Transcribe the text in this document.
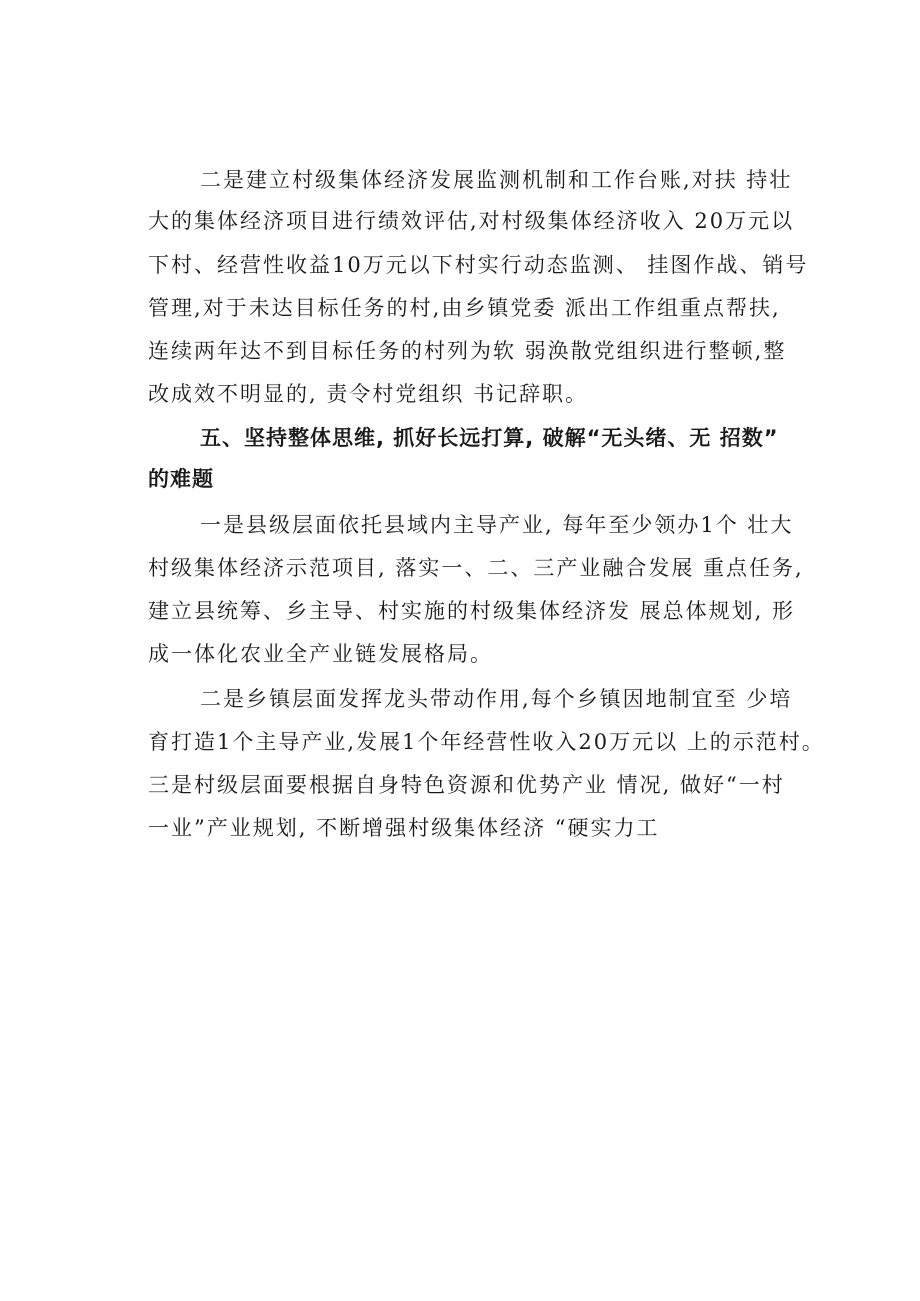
二是建立村级集体经济发展监测机制和工作台账,对扶 持壮
大的集体经济项目进行绩效评估,对村级集体经济收入 20万元以
下村、经营性收益10万元以下村实行动态监测、 挂图作战、销号
管理,对于未达目标任务的村,由乡镇党委 派出工作组重点帮扶,
连续两年达不到目标任务的村列为软 弱涣散党组织进行整顿,整
改成效不明显的, 责令村党组织 书记辞职。
五、坚持整体思维, 抓好长远打算, 破解“无头绪、无 招数”
的难题
一是县级层面依托县域内主导产业, 每年至少领办1个 壮大
村级集体经济示范项目, 落实一、二、三产业融合发展 重点任务,
建立县统筹、乡主导、村实施的村级集体经济发 展总体规划, 形
成一体化农业全产业链发展格局。
二是乡镇层面发挥龙头带动作用,每个乡镇因地制宜至 少培
育打造1个主导产业,发展1个年经营性收入20万元以 上的示范村。
三是村级层面要根据自身特色资源和优势产业 情况, 做好“一村
一业”产业规划, 不断增强村级集体经济 “硬实力工
